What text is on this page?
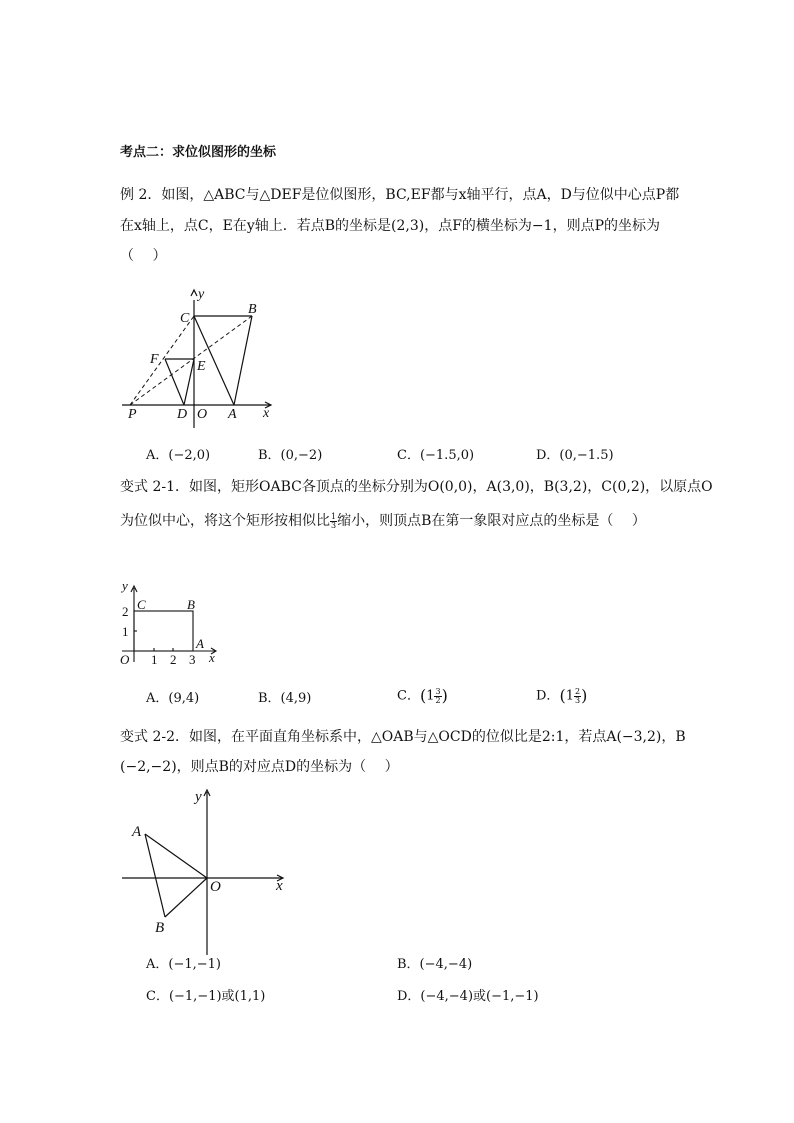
考点二：求位似图形的坐标
例 2．如图，△ABC与△DEF是位似图形，BC,EF都与x轴平行，点A，D与位似中心点P都
在x轴上，点C，E在y轴上．若点B的坐标是(2,3)，点F的横坐标为−1，则点P的坐标为
（　 ）
y
B
C
F	E
P	D O A x
A．(−2,0)	B．(0,−2)	C．(−1.5,0)	D．(0,−1.5)
变式 2-1．如图，矩形OABC各顶点的坐标分别为O(0,0)，A(3,0)，B(3,2)，C(0,2)，以原点O
为位似中心，将这个矩形按相似比 $\frac{1}{3}$ 缩小，则顶点B在第一象限对应点的坐标是（　 ）
y
2
1
C	B
A
O 1 2 3 x
A．(9,4)	B．(4,9)	C．($1 \frac{3}{2}$ )	D．($1 \frac{2}{3}$ )
变式 2-2．如图，在平面直角坐标系中，△OAB与△OCD的位似比是2:1，若点A(−3,2)，B
(−2,−2)，则点B的对应点D的坐标为（　 ）
y
A
O	x
B
A．(−1,−1)	B．(−4,−4)
C．(−1,−1)或(1,1)	D．(−4,−4)或(−1,−1)
